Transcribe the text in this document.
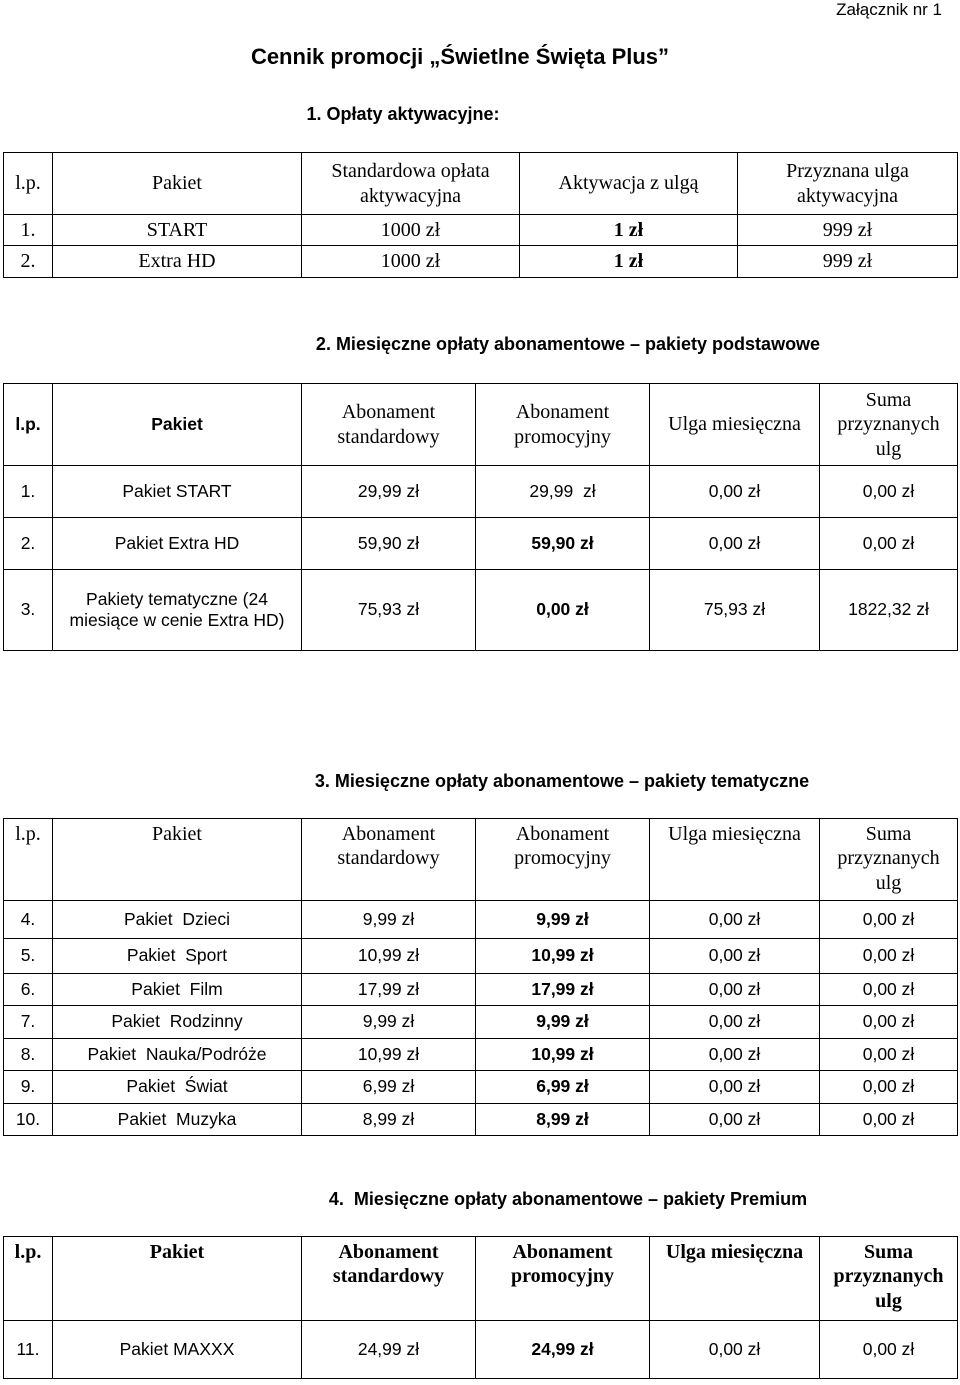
Załącznik nr 1
Cennik promocji „Świetlne Święta Plus”
1. Opłaty aktywacyjne:
l.p.	Pakiet	Standardowa opłata aktywacyjna	Aktywacja z ulgą	Przyznana ulga aktywacyjna
1.	START	1000 zł	1 zł	999 zł
2.	Extra HD	1000 zł	1 zł	999 zł
2. Miesięczne opłaty abonamentowe – pakiety podstawowe
l.p.	Pakiet	Abonament standardowy	Abonament promocyjny	Ulga miesięczna	Suma przyznanych ulg
1.	Pakiet START	29,99 zł	29,99  zł	0,00 zł	0,00 zł
2.	Pakiet Extra HD	59,90 zł	59,90 zł	0,00 zł	0,00 zł
3.	Pakiety tematyczne (24 miesiące w cenie Extra HD)	75,93 zł	0,00 zł	75,93 zł	1822,32 zł
3. Miesięczne opłaty abonamentowe – pakiety tematyczne
l.p.	Pakiet	Abonament standardowy	Abonament promocyjny	Ulga miesięczna	Suma przyznanych ulg
4.	Pakiet  Dzieci	9,99 zł	9,99 zł	0,00 zł	0,00 zł
5.	Pakiet  Sport	10,99 zł	10,99 zł	0,00 zł	0,00 zł
6.	Pakiet  Film	17,99 zł	17,99 zł	0,00 zł	0,00 zł
7.	Pakiet  Rodzinny	9,99 zł	9,99 zł	0,00 zł	0,00 zł
8.	Pakiet  Nauka/Podróże	10,99 zł	10,99 zł	0,00 zł	0,00 zł
9.	Pakiet  Świat	6,99 zł	6,99 zł	0,00 zł	0,00 zł
10.	Pakiet  Muzyka	8,99 zł	8,99 zł	0,00 zł	0,00 zł
4.  Miesięczne opłaty abonamentowe – pakiety Premium
l.p.	Pakiet	Abonament standardowy	Abonament promocyjny	Ulga miesięczna	Suma przyznanych ulg
11.	Pakiet MAXXX	24,99 zł	24,99 zł	0,00 zł	0,00 zł
